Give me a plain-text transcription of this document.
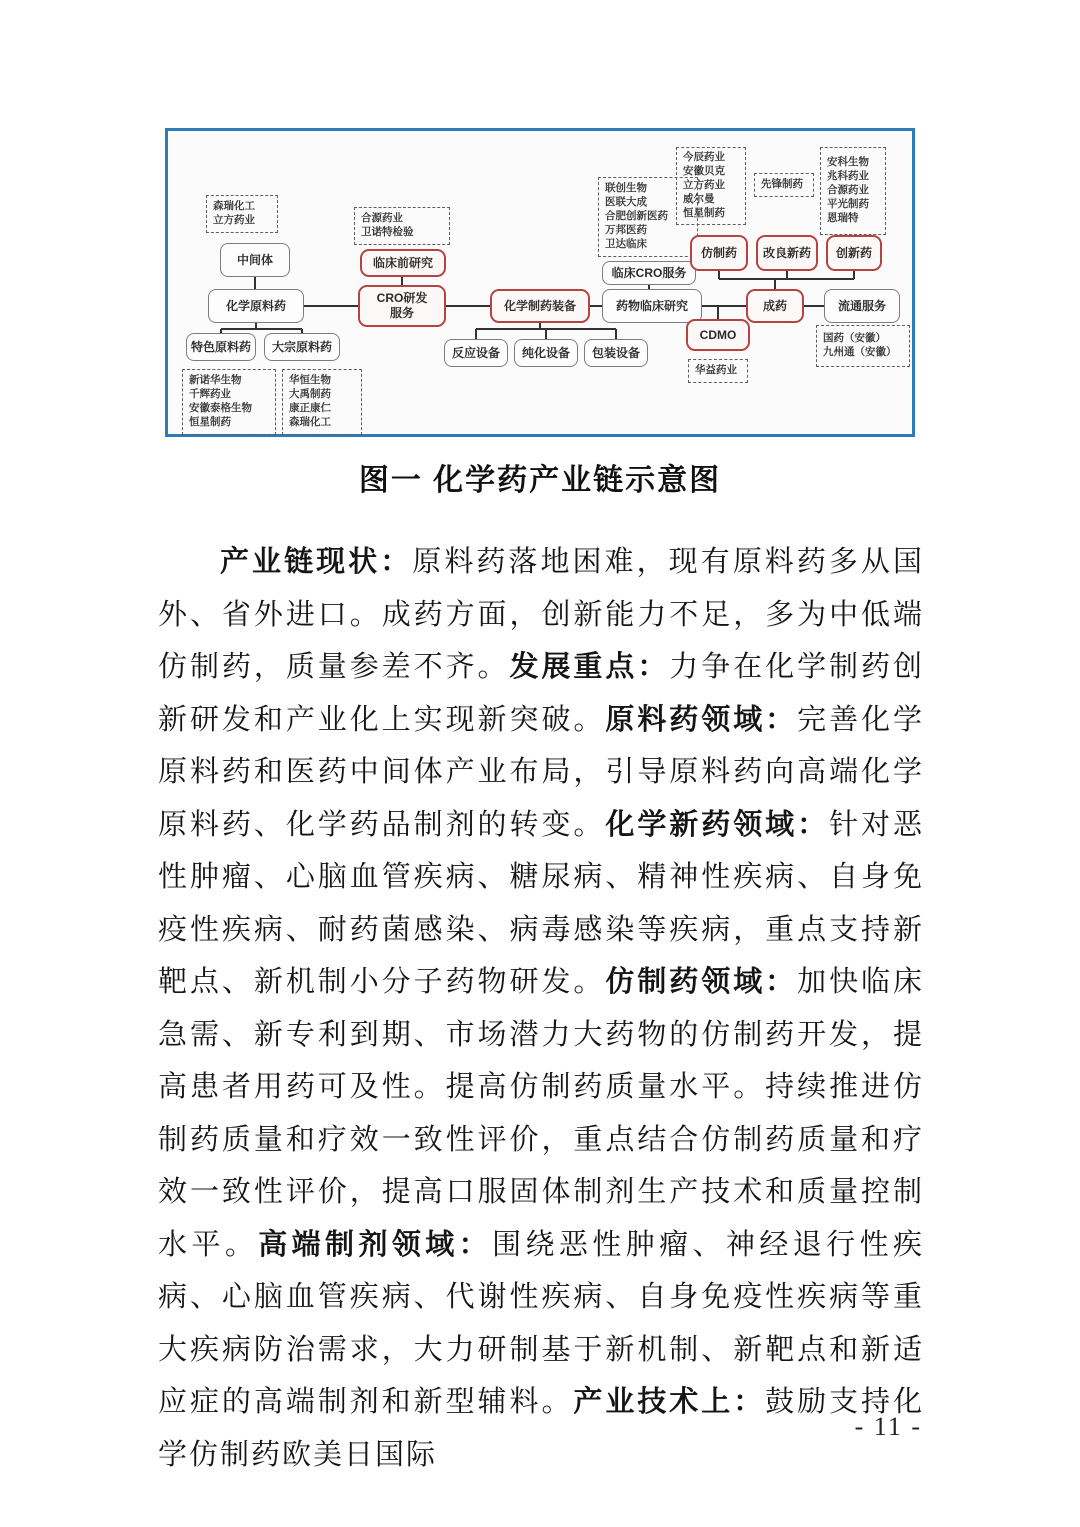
森瑞化工
立方药业
中间体
化学原料药
特色原料药 大宗原料药
新诺华生物
千辉药业
安徽泰格生物
恒星制药
华恒生物
大禹制药
康正康仁
森瑞化工
合源药业
卫诺特检验
临床前研究
CRO研发
服务
化学制药装备
反应设备 纯化设备 包装设备
联创生物
医联大成
合肥创新医药
万邦医药
卫达临床
临床CRO服务
药物临床研究
今辰药业
安徽贝克
立方药业
威尔曼
恒星制药
先锋制药
安科生物
兆科药业
合源药业
平光制药
恩瑞特
仿制药 改良新药 创新药
成药	流通服务
CDMO
华益药业
国药（安徽）
九州通（安徽）
图一 化学药产业链示意图
产业链现状：原料药落地困难，现有原料药多从国外、省外进口。成药方面，创新能力不足，多为中低端仿制药，质量参差不齐。发展重点：力争在化学制药创新研发和产业化上实现新突破。原料药领域：完善化学原料药和医药中间体产业布局，引导原料药向高端化学原料药、化学药品制剂的转变。化学新药领域：针对恶性肿瘤、心脑血管疾病、糖尿病、精神性疾病、自身免疫性疾病、耐药菌感染、病毒感染等疾病，重点支持新靶点、新机制小分子药物研发。仿制药领域：加快临床急需、新专利到期、市场潜力大药物的仿制药开发，提高患者用药可及性。提高仿制药质量水平。持续推进仿制药质量和疗效一致性评价，重点结合仿制药质量和疗效一致性评价，提高口服固体制剂生产技术和质量控制水平。高端制剂领域：围绕恶性肿瘤、神经退行性疾病、心脑血管疾病、代谢性疾病、自身免疫性疾病等重大疾病防治需求，大力研制基于新机制、新靶点和新适应症的高端制剂和新型辅料。产业技术上：鼓励支持化学仿制药欧美日国际
- 11 -
